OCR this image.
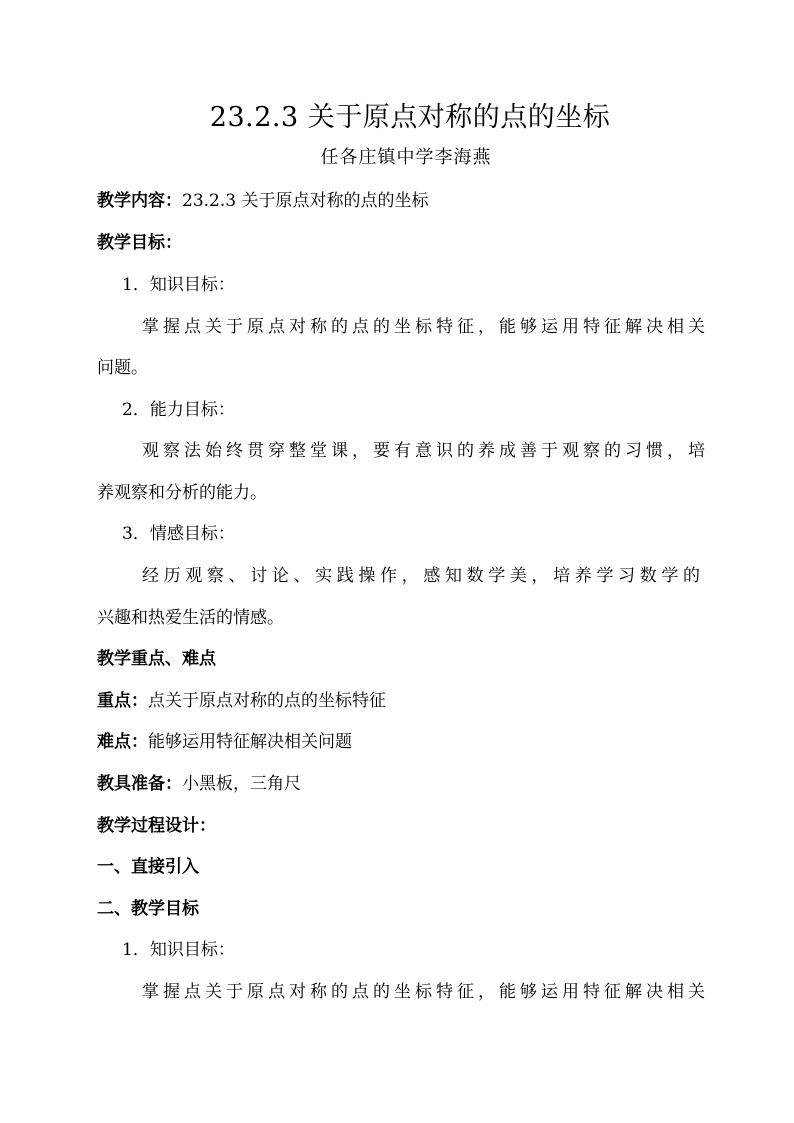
23.2.3 关于原点对称的点的坐标
任各庄镇中学李海燕
教学内容：23.2.3 关于原点对称的点的坐标
教学目标：
1．知识目标：
掌握点关于原点对称的点的坐标特征，能够运用特征解决相关
问题。
2．能力目标：
观察法始终贯穿整堂课，要有意识的养成善于观察的习惯，培
养观察和分析的能力。
3．情感目标：
经历观察、讨论、实践操作，感知数学美，培养学习数学的
兴趣和热爱生活的情感。
教学重点、难点
重点：点关于原点对称的点的坐标特征
难点：能够运用特征解决相关问题
教具准备：小黑板，三角尺
教学过程设计：
一、直接引入
二、教学目标
1．知识目标：
掌握点关于原点对称的点的坐标特征，能够运用特征解决相关
